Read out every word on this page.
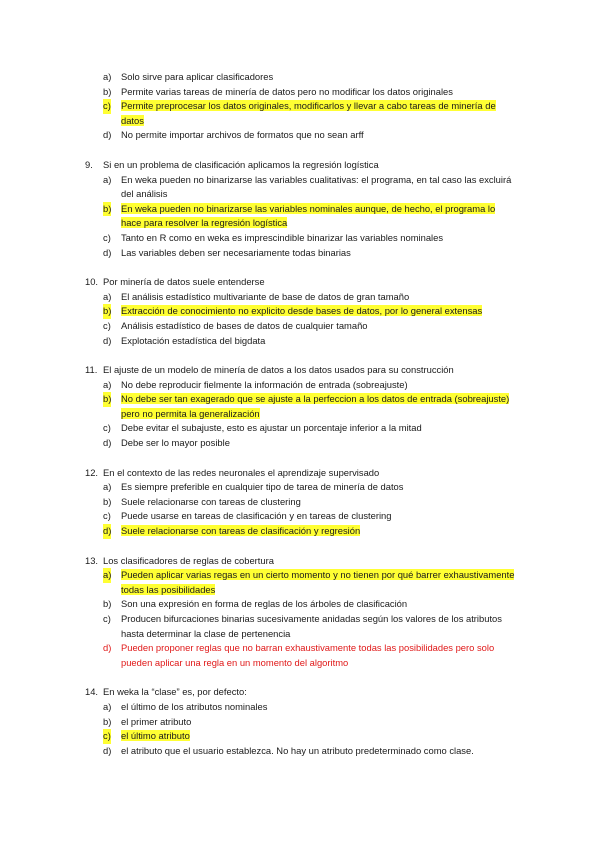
a) Solo sirve para aplicar clasificadores
b) Permite varias tareas de minería de datos pero no modificar los datos originales
c) Permite preprocesar los datos originales, modificarlos y llevar a cabo tareas de minería de datos
d) No permite importar archivos de formatos que no sean arff
9. Si en un problema de clasificación aplicamos la regresión logística
a) En weka pueden no binarizarse las variables cualitativas: el programa, en tal caso las excluirá del análisis
b) En weka pueden no binarizarse las variables nominales aunque, de hecho, el programa lo hace para resolver la regresión logística
c) Tanto en R como en weka es imprescindible binarizar las variables nominales
d) Las variables deben ser necesariamente todas binarias
10. Por minería de datos suele entenderse
a) El análisis estadístico multivariante de base de datos de gran tamaño
b) Extracción de conocimiento no explicito desde bases de datos, por lo general extensas
c) Análisis estadístico de bases de datos de cualquier tamaño
d) Explotación estadística del bigdata
11. El ajuste de un modelo de minería de datos a los datos usados para su construcción
a) No debe reproducir fielmente la información de entrada (sobreajuste)
b) No debe ser tan exagerado que se ajuste a la perfeccion a los datos de entrada (sobreajuste) pero no permita la generalización
c) Debe evitar el subajuste, esto es ajustar un porcentaje inferior a la mitad
d) Debe ser lo mayor posible
12. En el contexto de las redes neuronales el aprendizaje supervisado
a) Es siempre preferible en cualquier tipo de tarea de minería de datos
b) Suele relacionarse con tareas de clustering
c) Puede usarse en tareas de clasificación y en tareas de clustering
d) Suele relacionarse con tareas de clasificación y regresión
13. Los clasificadores de reglas de cobertura
a) Pueden aplicar varias regas en un cierto momento y no tienen por qué barrer exhaustivamente todas las posibilidades
b) Son una expresión en forma de reglas de los árboles de clasificación
c) Producen bifurcaciones binarias sucesivamente anidadas según los valores de los atributos hasta determinar la clase de pertenencia
d) Pueden proponer reglas que no barran exhaustivamente todas las posibilidades pero solo pueden aplicar una regla en un momento del algoritmo
14. En weka la “clase” es, por defecto:
a) el último de los atributos nominales
b) el primer atributo
c) el último atributo
d) el atributo que el usuario establezca. No hay un atributo predeterminado como clase.
